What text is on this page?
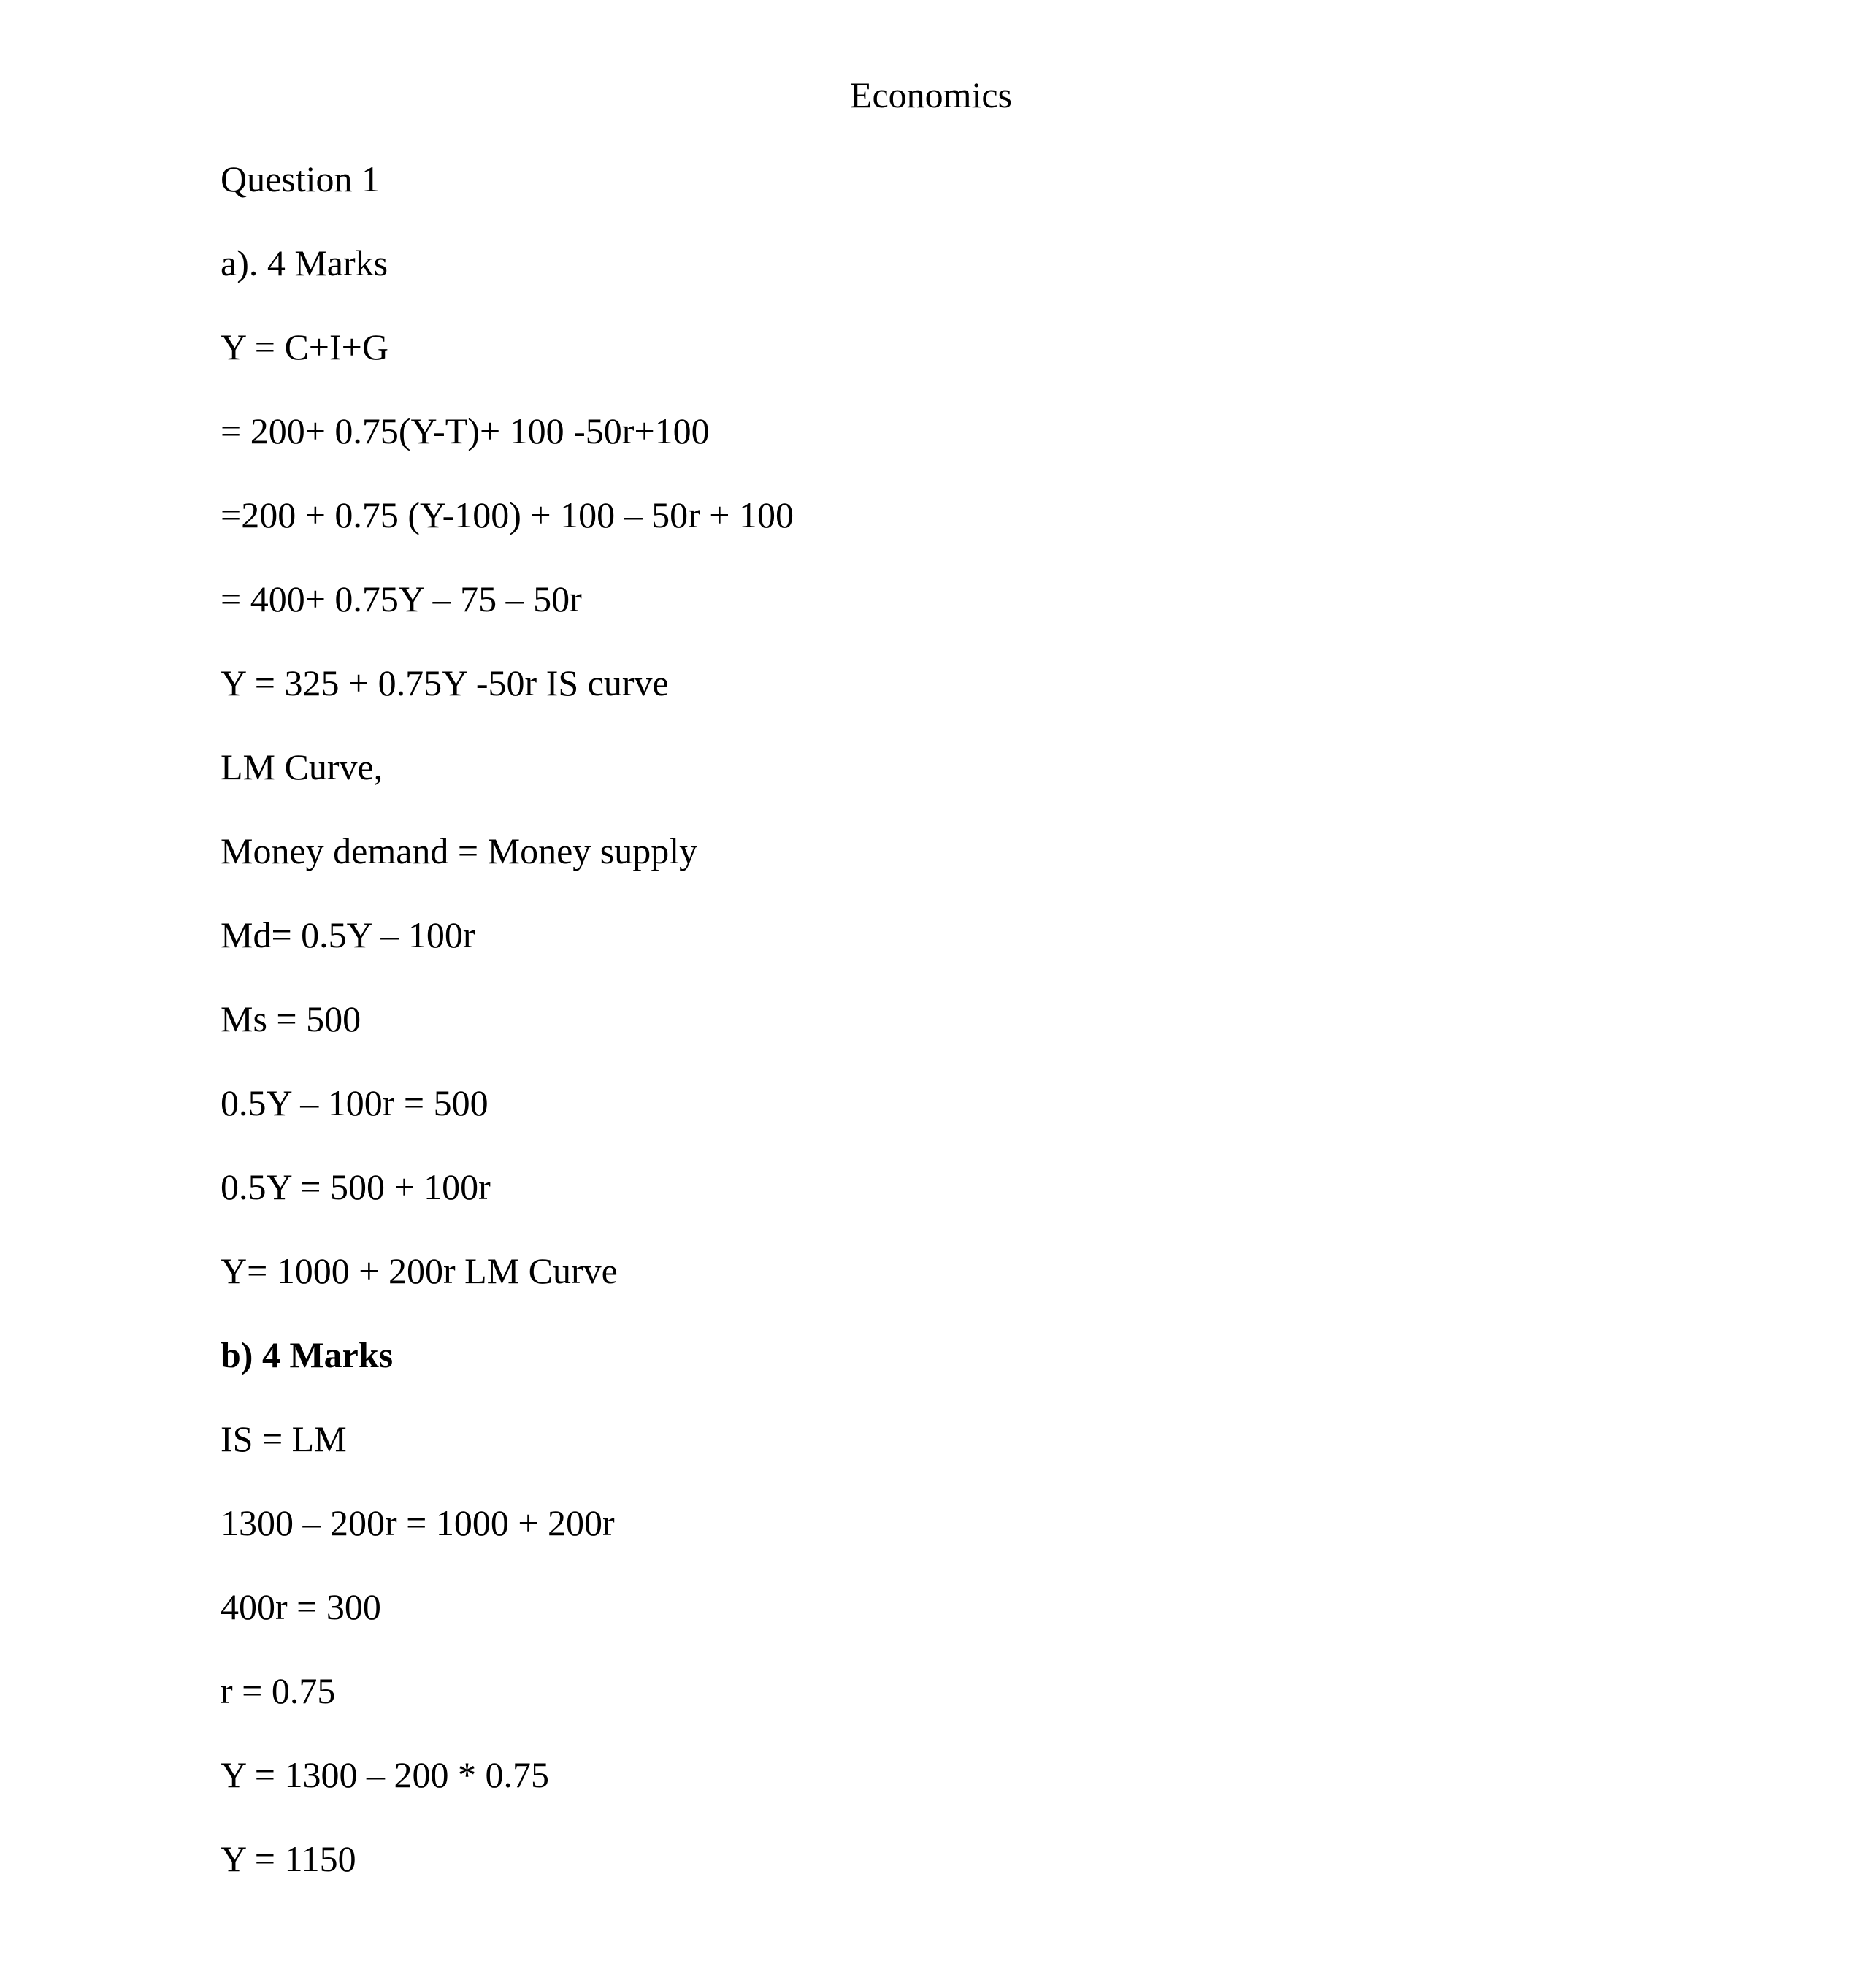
Economics
Question 1
a). 4 Marks
Y = C+I+G
= 200+ 0.75(Y-T)+ 100 -50r+100
=200 + 0.75 (Y-100) + 100 – 50r + 100
= 400+ 0.75Y – 75 – 50r
Y = 325 + 0.75Y -50r IS curve
LM Curve,
Money demand = Money supply
Md= 0.5Y – 100r
Ms = 500
0.5Y – 100r = 500
0.5Y = 500 + 100r
Y= 1000 + 200r LM Curve
b) 4 Marks
IS = LM
1300 – 200r = 1000 + 200r
400r = 300
r = 0.75
Y = 1300 – 200 * 0.75
Y = 1150
